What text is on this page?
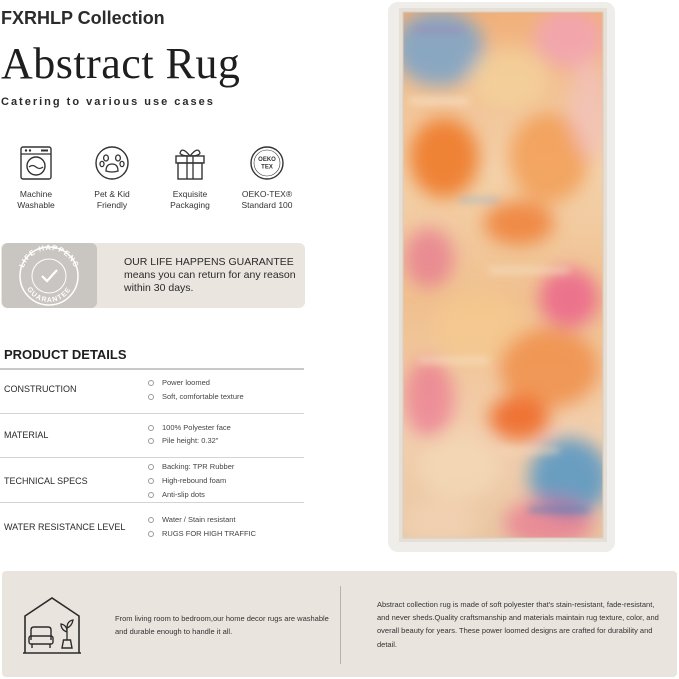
FXRHLP Collection
Abstract Rug
Catering to various use cases
Machine
Washable
Pet & Kid
Friendly
Exquisite
Packaging
OEKO
TEX
OEKO-TEX®
Standard 100
LIFE HAPPENS
GUARANTEE
OUR LIFE HAPPENS GUARANTEE
means you can return for any reason within 30 days.
PRODUCT DETAILS
CONSTRUCTION
Power loomed
Soft, comfortable texture
MATERIAL
100% Polyester face
Pile height: 0.32"
TECHNICAL SPECS
Backing: TPR Rubber
High-rebound foam
Anti-slip dots
WATER RESISTANCE LEVEL
Water / Stain resistant
RUGS FOR HIGH TRAFFIC
From living room to bedroom,our home decor rugs are washable and durable enough to handle it all.
Abstract collection rug is made of soft polyester that's stain-resistant, fade-resistant, and never sheds.Quality craftsmanship and materials maintain rug texture, color, and overall beauty for years. These power loomed designs are crafted for durability and detail.
